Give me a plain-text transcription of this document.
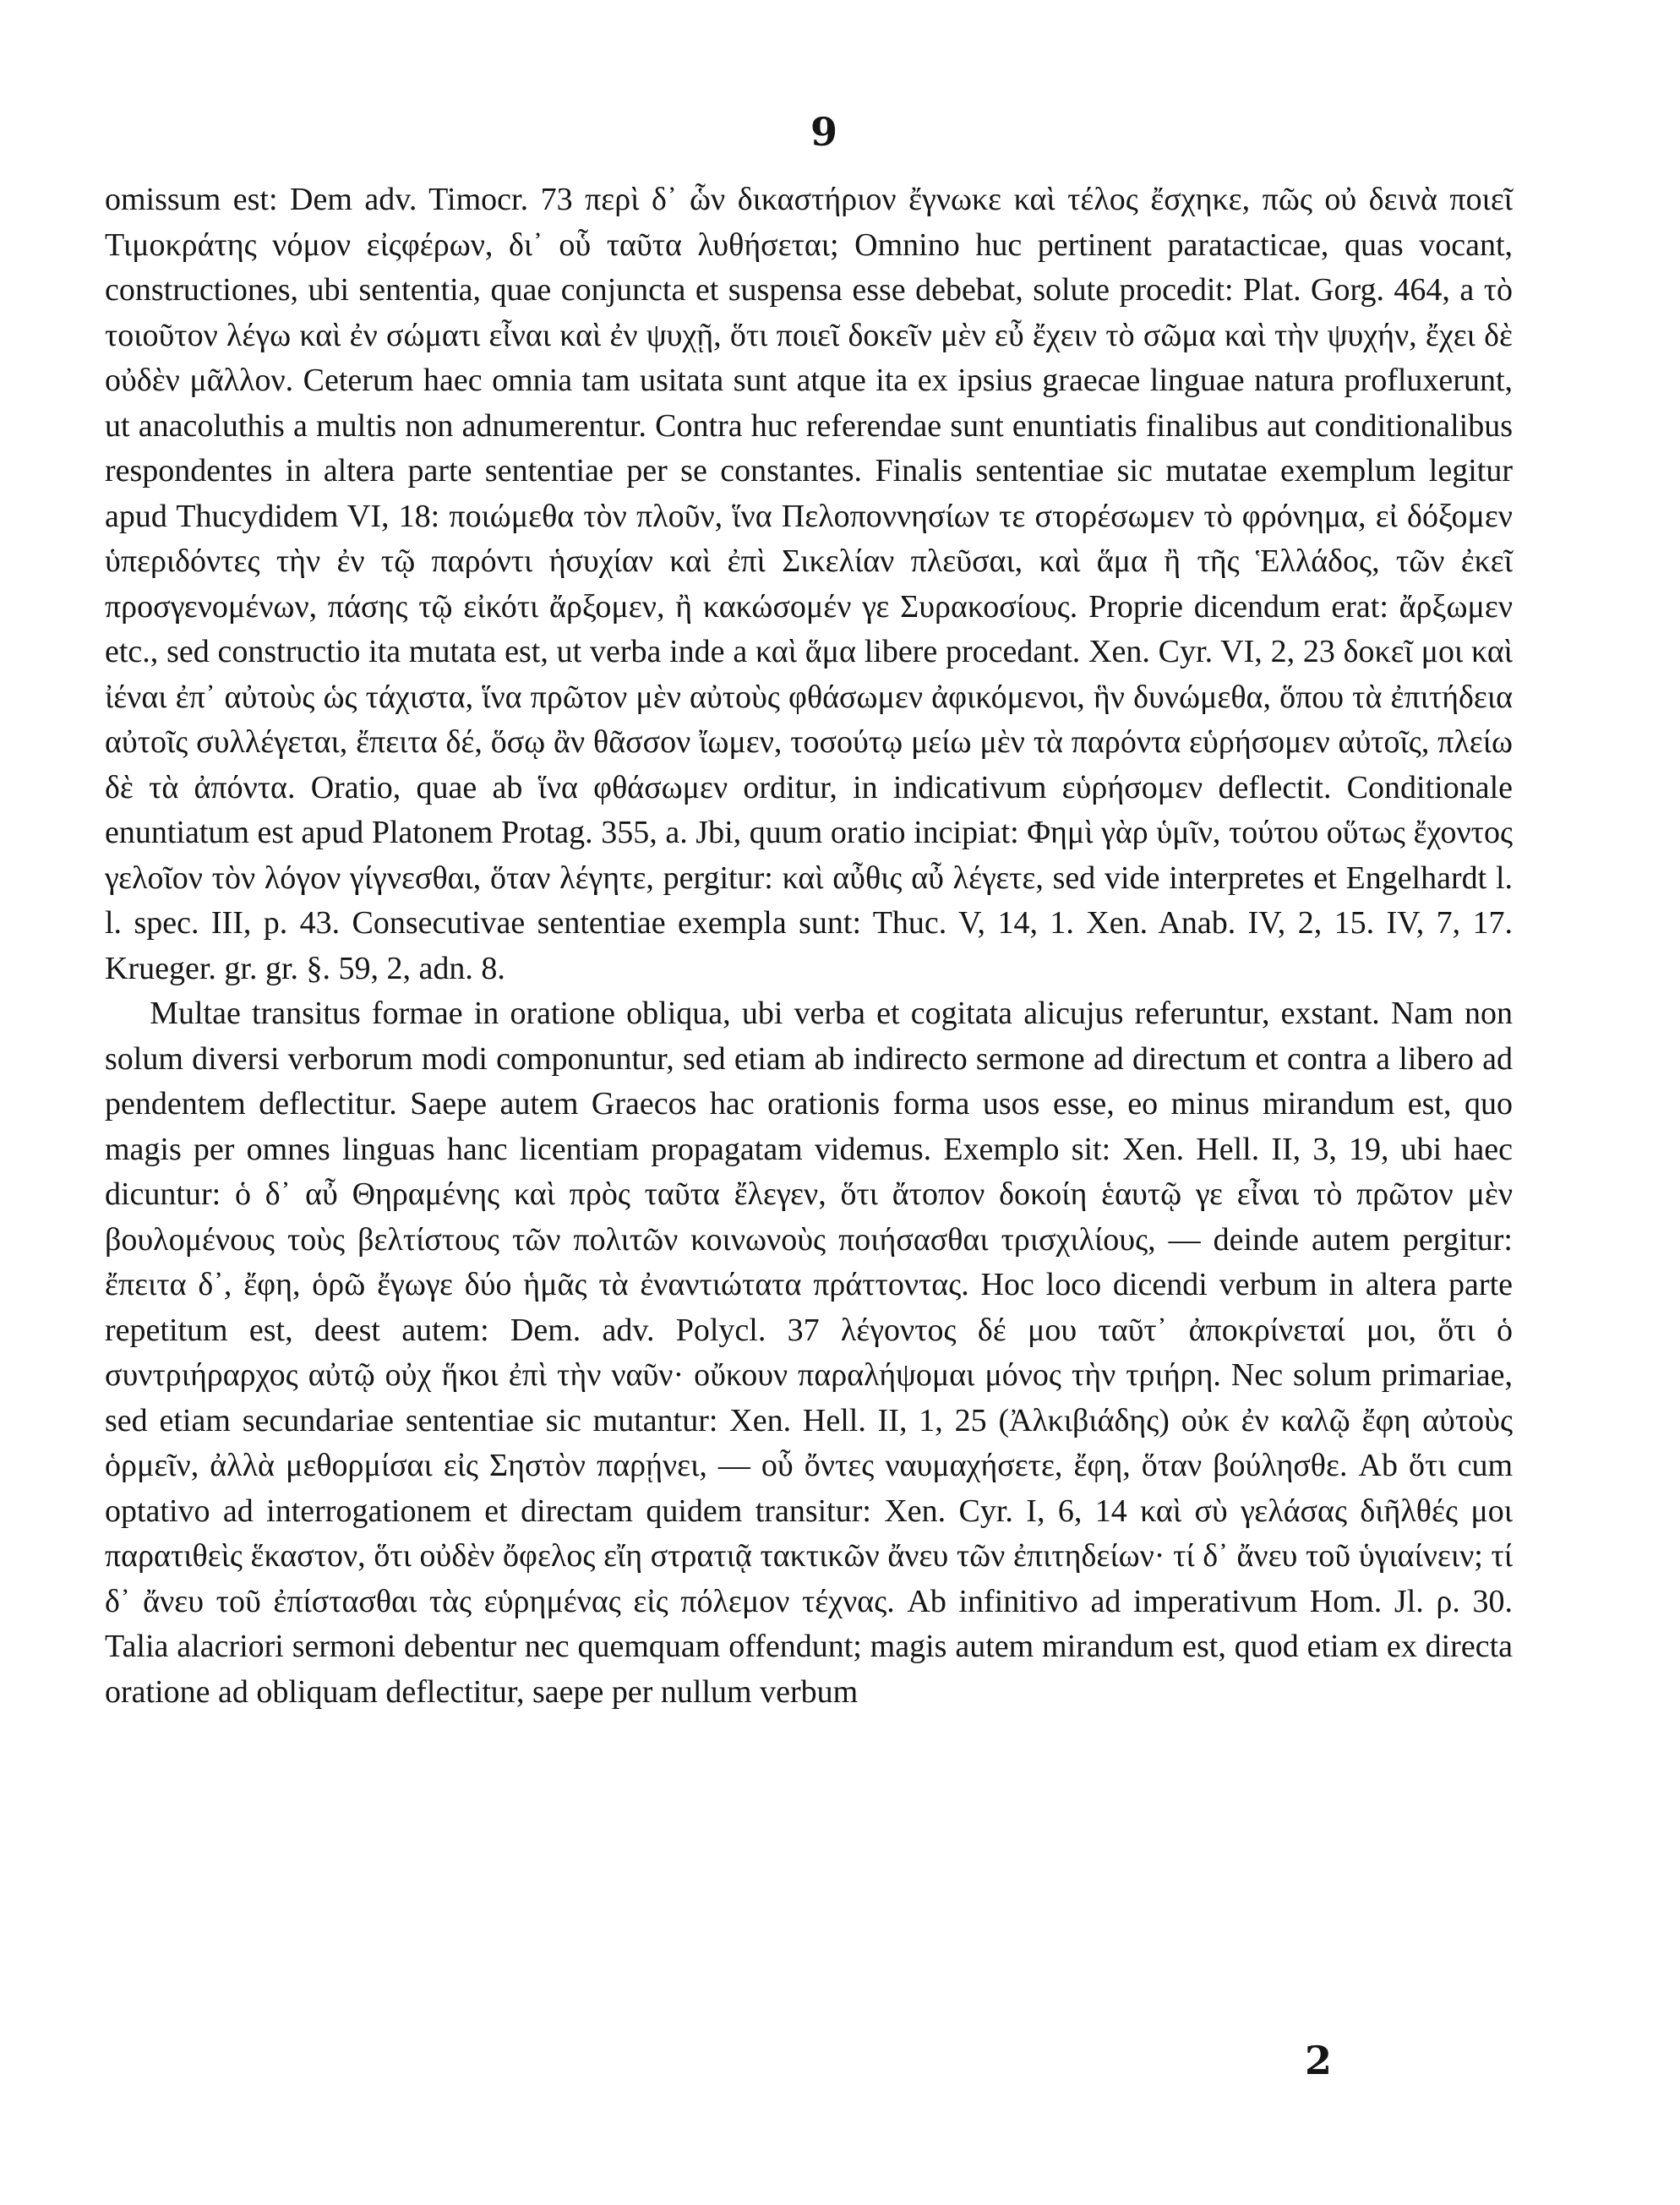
9

omissum est: Dem adv. Timocr. 73 περὶ δ᾽ ὧν δικαστήριον ἔγνωκε καὶ τέλος ἔσχηκε, πῶς οὐ δεινὰ ποιεῖ Τιμοκράτης νόμον εἰςφέρων, δι᾽ οὗ ταῦτα λυθήσεται; Omnino huc pertinent paratacticae, quas vocant, constructiones, ubi sententia, quae conjuncta et suspensa esse debebat, solute procedit: Plat. Gorg. 464, a τὸ τοιοῦτον λέγω καὶ ἐν σώματι εἶναι καὶ ἐν ψυχῇ, ὅτι ποιεῖ δοκεῖν μὲν εὖ ἔχειν τὸ σῶμα καὶ τὴν ψυχήν, ἔχει δὲ οὐδὲν μᾶλλον. Ceterum haec omnia tam usitata sunt atque ita ex ipsius graecae linguae natura profluxerunt, ut anacoluthis a multis non adnumerentur. Contra huc referendae sunt enuntiatis finalibus aut conditionalibus respondentes in altera parte sententiae per se constantes. Finalis sententiae sic mutatae exemplum legitur apud Thucydidem VI, 18: ποιώμεθα τὸν πλοῦν, ἵνα Πελοποννησίων τε στορέσωμεν τὸ φρόνημα, εἰ δόξομεν ὑπεριδόντες τὴν ἐν τῷ παρόντι ἡσυχίαν καὶ ἐπὶ Σικελίαν πλεῦσαι, καὶ ἅμα ἢ τῆς Ἑλλάδος, τῶν ἐκεῖ προσγενομένων, πάσης τῷ εἰκότι ἄρξομεν, ἢ κακώσομέν γε Συρακοσίους. Proprie dicendum erat: ἄρξωμεν etc., sed constructio ita mutata est, ut verba inde a καὶ ἅμα libere procedant. Xen. Cyr. VI, 2, 23 δοκεῖ μοι καὶ ἰέναι ἐπ᾽ αὐτοὺς ὡς τάχιστα, ἵνα πρῶτον μὲν αὐτοὺς φθάσωμεν ἀφικόμενοι, ἣν δυνώμεθα, ὅπου τὰ ἐπιτήδεια αὐτοῖς συλλέγεται, ἔπειτα δέ, ὅσῳ ἂν θᾶσσον ἴωμεν, τοσούτῳ μείω μὲν τὰ παρόντα εὑρήσομεν αὐτοῖς, πλείω δὲ τὰ ἀπόντα. Oratio, quae ab ἵνα φθάσωμεν orditur, in indicativum εὑρήσομεν deflectit. Conditionale enuntiatum est apud Platonem Protag. 355, a. Jbi, quum oratio incipiat: Φημὶ γὰρ ὑμῖν, τούτου οὕτως ἔχοντος γελοῖον τὸν λόγον γίγνεσθαι, ὅταν λέγητε, pergitur: καὶ αὖθις αὖ λέγετε, sed vide interpretes et Engelhardt l. l. spec. III, p. 43. Consecutivae sententiae exempla sunt: Thuc. V, 14, 1. Xen. Anab. IV, 2, 15. IV, 7, 17. Krueger. gr. gr. §. 59, 2, adn. 8.

Multae transitus formae in oratione obliqua, ubi verba et cogitata alicujus referuntur, exstant. Nam non solum diversi verborum modi componuntur, sed etiam ab indirecto sermone ad directum et contra a libero ad pendentem deflectitur. Saepe autem Graecos hac orationis forma usos esse, eo minus mirandum est, quo magis per omnes linguas hanc licentiam propagatam videmus. Exemplo sit: Xen. Hell. II, 3, 19, ubi haec dicuntur: ὁ δ᾽ αὖ Θηραμένης καὶ πρὸς ταῦτα ἔλεγεν, ὅτι ἄτοπον δοκοίη ἑαυτῷ γε εἶναι τὸ πρῶτον μὲν βουλομένους τοὺς βελτίστους τῶν πολιτῶν κοινωνοὺς ποιήσασθαι τρισχιλίους, — deinde autem pergitur: ἔπειτα δ᾽, ἔφη, ὁρῶ ἔγωγε δύο ἡμᾶς τὰ ἐναντιώτατα πράττοντας. Hoc loco dicendi verbum in altera parte repetitum est, deest autem: Dem. adv. Polycl. 37 λέγοντος δέ μου ταῦτ᾽ ἀποκρίνεταί μοι, ὅτι ὁ συντριήραρχος αὐτῷ οὐχ ἥκοι ἐπὶ τὴν ναῦν· οὔκουν παραλήψομαι μόνος τὴν τριήρη. Nec solum primariae, sed etiam secundariae sententiae sic mutantur: Xen. Hell. II, 1, 25 (Ἀλκιβιάδης) οὐκ ἐν καλῷ ἔφη αὐτοὺς ὁρμεῖν, ἀλλὰ μεθορμίσαι εἰς Σηστὸν παρῄνει, — οὗ ὄντες ναυμαχήσετε, ἔφη, ὅταν βούλησθε. Ab ὅτι cum optativo ad interrogationem et directam quidem transitur: Xen. Cyr. I, 6, 14 καὶ σὺ γελάσας διῆλθές μοι παρατιθεὶς ἕκαστον, ὅτι οὐδὲν ὄφελος εἴη στρατιᾷ τακτικῶν ἄνευ τῶν ἐπιτηδείων· τί δ᾽ ἄνευ τοῦ ὑγιαίνειν; τί δ᾽ ἄνευ τοῦ ἐπίστασθαι τὰς εὑρημένας εἰς πόλεμον τέχνας. Ab infinitivo ad imperativum Hom. Jl. ρ. 30. Talia alacriori sermoni debentur nec quemquam offendunt; magis autem mirandum est, quod etiam ex directa oratione ad obliquam deflectitur, saepe per nullum verbum

2
